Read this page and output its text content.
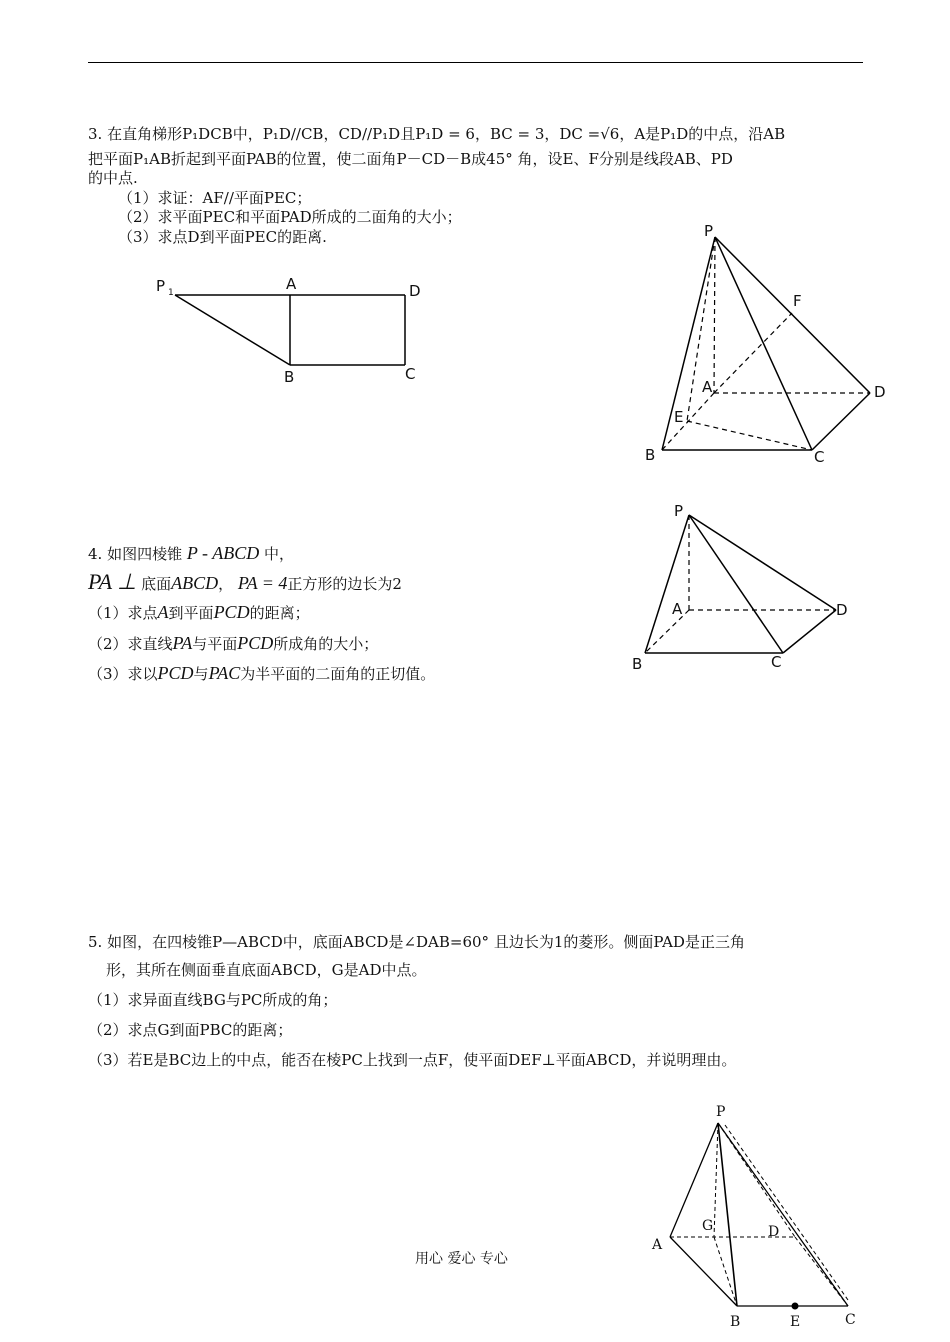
3. 在直角梯形P₁DCB中，P₁D//CB，CD//P₁D且P₁D = 6，BC = 3，DC =√6，A是P₁D的中点，沿AB
把平面P₁AB折起到平面PAB的位置，使二面角P－CD－B成45° 角，设E、F分别是线段AB、PD
的中点.
（1）求证：AF//平面PEC；
（2）求平面PEC和平面PAD所成的二面角的大小；
（3）求点D到平面PEC的距离.
4. 如图四棱锥 P - ABCD 中，
PA ⊥ 底面ABCD， PA = 4正方形的边长为2
（1）求点A到平面PCD的距离；
（2）求直线PA与平面PCD所成角的大小；
（3）求以PCD与PAC为半平面的二面角的正切值。
5. 如图，在四棱锥P—ABCD中，底面ABCD是∠DAB=60° 且边长为1的菱形。侧面PAD是正三角
形，其所在侧面垂直底面ABCD，G是AD中点。
（1）求异面直线BG与PC所成的角；
（2）求点G到面PBC的距离；
（3）若E是BC边上的中点，能否在棱PC上找到一点F，使平面DEF⊥平面ABCD，并说明理由。
用心 爱心 专心
P 1	A	D
B	C
P
F
A	D
E
B	C
P
A	D
B	C
P
G	D
A
B	E	C
